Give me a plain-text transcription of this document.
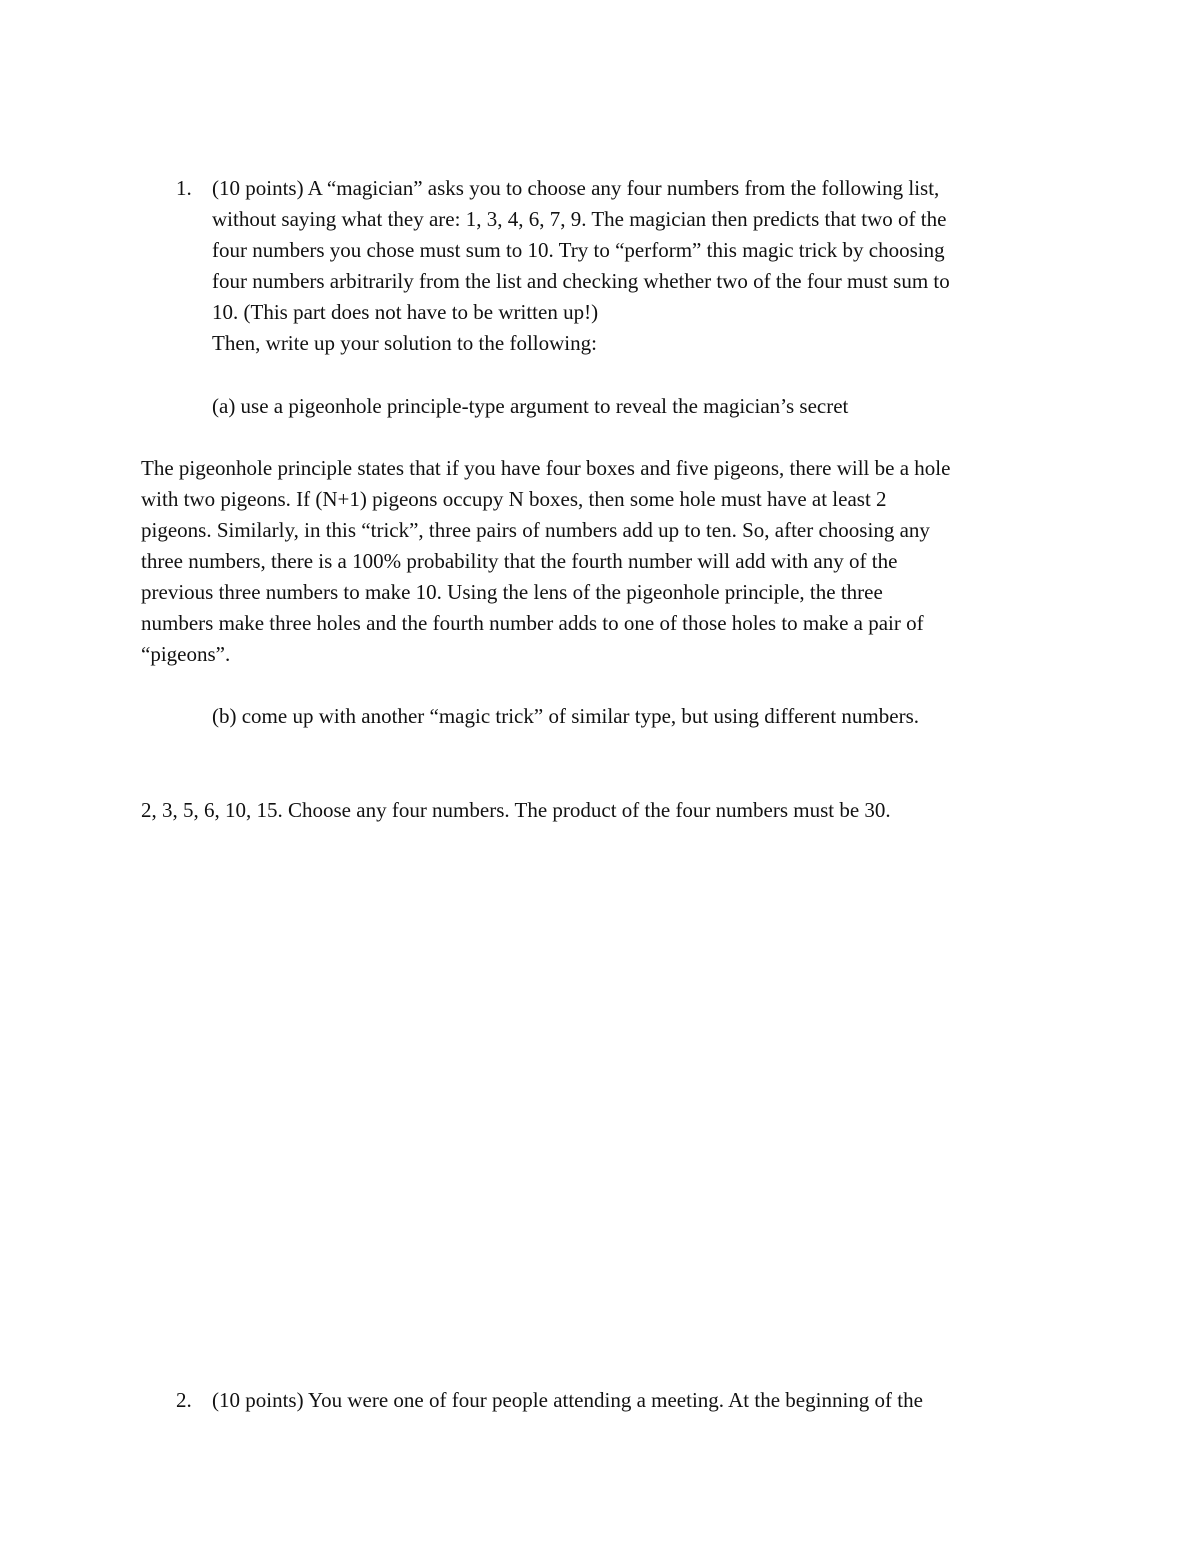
1. (10 points) A “magician” asks you to choose any four numbers from the following list,
without saying what they are: 1, 3, 4, 6, 7, 9. The magician then predicts that two of the
four numbers you chose must sum to 10. Try to “perform” this magic trick by choosing
four numbers arbitrarily from the list and checking whether two of the four must sum to
10. (This part does not have to be written up!)
Then, write up your solution to the following:
(a) use a pigeonhole principle-type argument to reveal the magician’s secret
The pigeonhole principle states that if you have four boxes and five pigeons, there will be a hole
with two pigeons. If (N+1) pigeons occupy N boxes, then some hole must have at least 2
pigeons. Similarly, in this “trick”, three pairs of numbers add up to ten. So, after choosing any
three numbers, there is a 100% probability that the fourth number will add with any of the
previous three numbers to make 10. Using the lens of the pigeonhole principle, the three
numbers make three holes and the fourth number adds to one of those holes to make a pair of
“pigeons”.
(b) come up with another “magic trick” of similar type, but using different numbers.
2, 3, 5, 6, 10, 15. Choose any four numbers. The product of the four numbers must be 30.
2. (10 points) You were one of four people attending a meeting. At the beginning of the
